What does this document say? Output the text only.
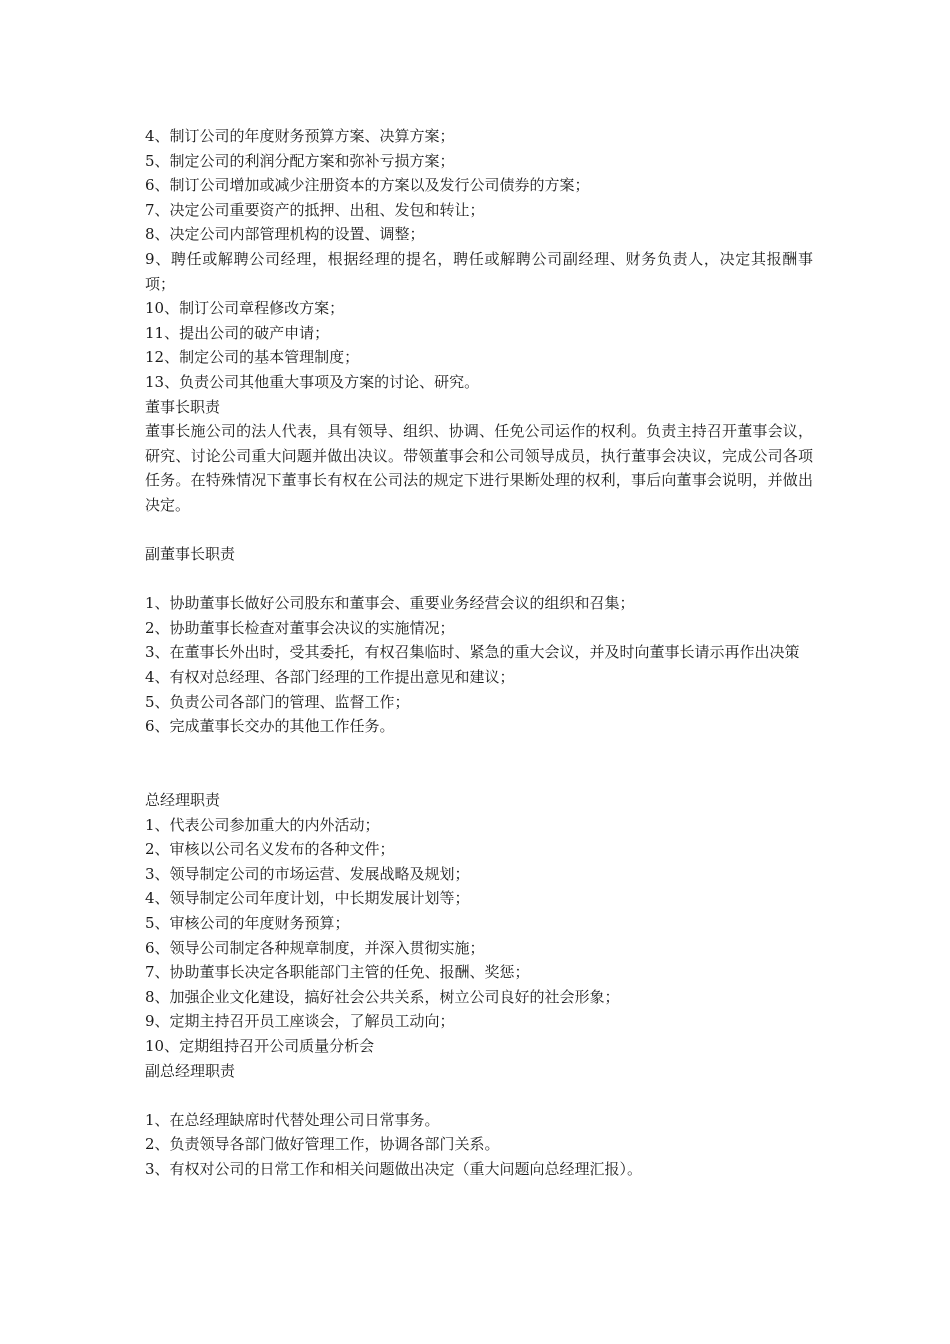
4、制订公司的年度财务预算方案、决算方案；
5、制定公司的利润分配方案和弥补亏损方案；
6、制订公司增加或减少注册资本的方案以及发行公司债券的方案；
7、决定公司重要资产的抵押、出租、发包和转让；
8、决定公司内部管理机构的设置、调整；
9、聘任或解聘公司经理，根据经理的提名，聘任或解聘公司副经理、财务负责人，决定其报酬事项；
10、制订公司章程修改方案；
11、提出公司的破产申请；
12、制定公司的基本管理制度；
13、负责公司其他重大事项及方案的讨论、研究。
董事长职责
董事长施公司的法人代表，具有领导、组织、协调、任免公司运作的权利。负责主持召开董事会议，研究、讨论公司重大问题并做出决议。带领董事会和公司领导成员，执行董事会决议，完成公司各项任务。在特殊情况下董事长有权在公司法的规定下进行果断处理的权利，事后向董事会说明，并做出决定。
副董事长职责
1、协助董事长做好公司股东和董事会、重要业务经营会议的组织和召集；
2、协助董事长检查对董事会决议的实施情况；
3、在董事长外出时，受其委托，有权召集临时、紧急的重大会议，并及时向董事长请示再作出决策
4、有权对总经理、各部门经理的工作提出意见和建议；
5、负责公司各部门的管理、监督工作；
6、完成董事长交办的其他工作任务。
总经理职责
1、代表公司参加重大的内外活动；
2、审核以公司名义发布的各种文件；
3、领导制定公司的市场运营、发展战略及规划；
4、领导制定公司年度计划，中长期发展计划等；
5、审核公司的年度财务预算；
6、领导公司制定各种规章制度，并深入贯彻实施；
7、协助董事长决定各职能部门主管的任免、报酬、奖惩；
8、加强企业文化建设，搞好社会公共关系，树立公司良好的社会形象；
9、定期主持召开员工座谈会，了解员工动向；
10、定期组持召开公司质量分析会
副总经理职责
1、在总经理缺席时代替处理公司日常事务。
2、负责领导各部门做好管理工作，协调各部门关系。
3、有权对公司的日常工作和相关问题做出决定（重大问题向总经理汇报）。
